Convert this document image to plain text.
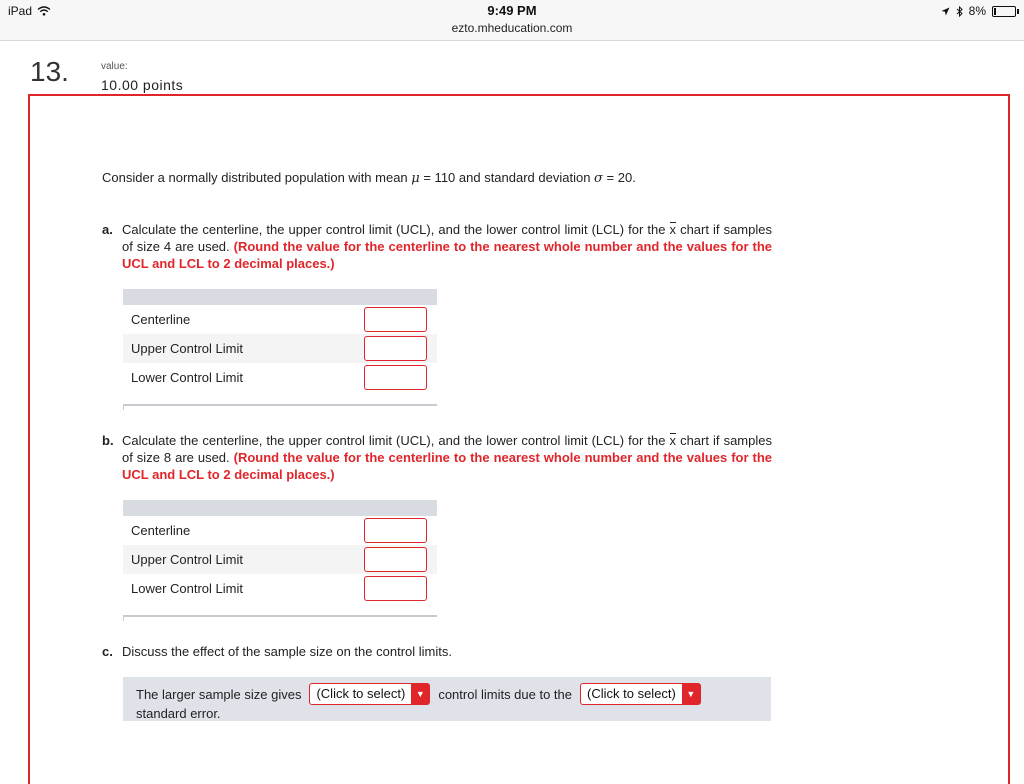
iPad	9:49 PM
ezto.mheducation.com
8%
13.	value:
10.00 points
Consider a normally distributed population with mean μ = 110 and standard deviation σ = 20.
a. Calculate the centerline, the upper control limit (UCL), and the lower control limit (LCL) for the x chart if samples of size 4 are used. (Round the value for the centerline to the nearest whole number and the values for the UCL and LCL to 2 decimal places.)
Centerline
Upper Control Limit
Lower Control Limit
b. Calculate the centerline, the upper control limit (UCL), and the lower control limit (LCL) for the x chart if samples of size 8 are used. (Round the value for the centerline to the nearest whole number and the values for the UCL and LCL to 2 decimal places.)
Centerline
Upper Control Limit
Lower Control Limit
c. Discuss the effect of the sample size on the control limits.
The larger sample size gives	(Click to select)	▼	control limits due to the	(Click to select)	▼
standard error.
